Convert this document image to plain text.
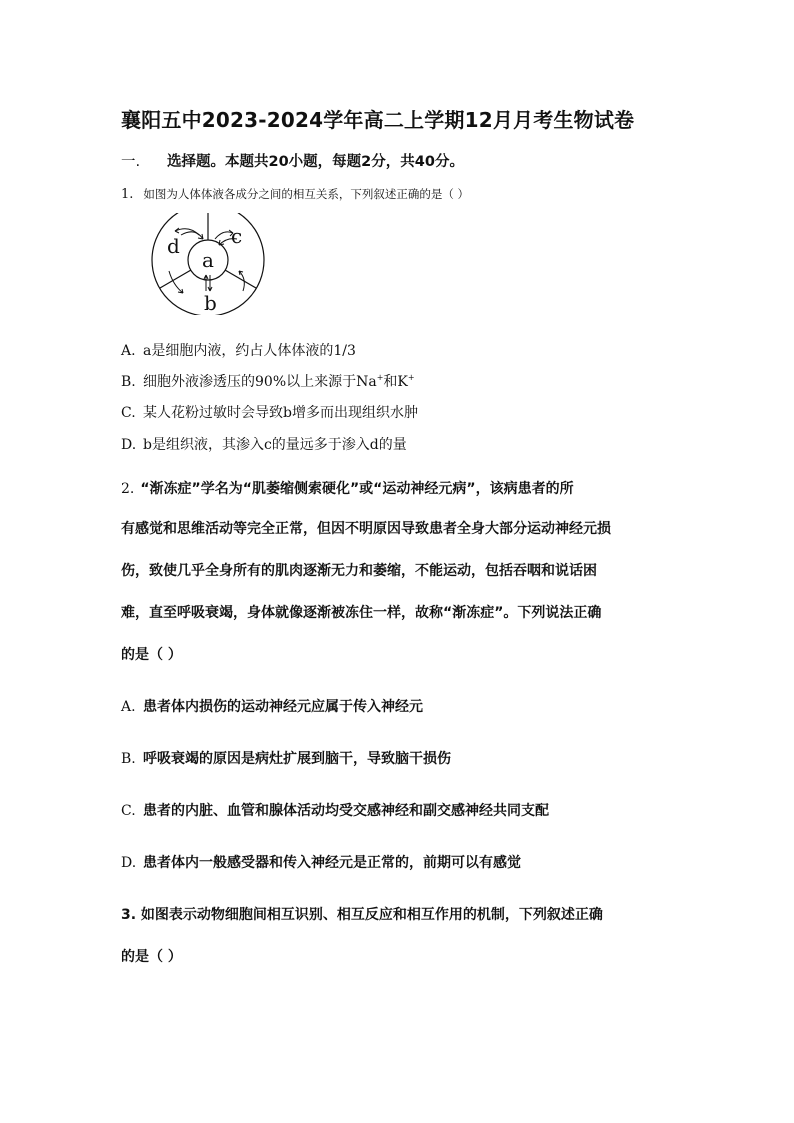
襄阳五中2023-2024学年高二上学期12月月考生物试卷
一. 选择题。本题共20小题，每题2分，共40分。
1. 如图为人体体液各成分之间的相互关系，下列叙述正确的是（ ）
a
b
c
d
A. a是细胞内液，约占人体体液的1/3
B. 细胞外液渗透压的90%以上来源于Na+和K+
C. 某人花粉过敏时会导致b增多而出现组织水肿
D. b是组织液，其渗入c的量远多于渗入d的量
2. “渐冻症”学名为“肌萎缩侧索硬化”或“运动神经元病”，该病患者的所
有感觉和思维活动等完全正常，但因不明原因导致患者全身大部分运动神经元损
伤，致使几乎全身所有的肌肉逐渐无力和萎缩，不能运动，包括吞咽和说话困
难，直至呼吸衰竭，身体就像逐渐被冻住一样，故称“渐冻症”。下列说法正确
的是（ ）
A. 患者体内损伤的运动神经元应属于传入神经元
B. 呼吸衰竭的原因是病灶扩展到脑干，导致脑干损伤
C. 患者的内脏、血管和腺体活动均受交感神经和副交感神经共同支配
D. 患者体内一般感受器和传入神经元是正常的，前期可以有感觉
3. 如图表示动物细胞间相互识别、相互反应和相互作用的机制，下列叙述正确
的是（ ）
